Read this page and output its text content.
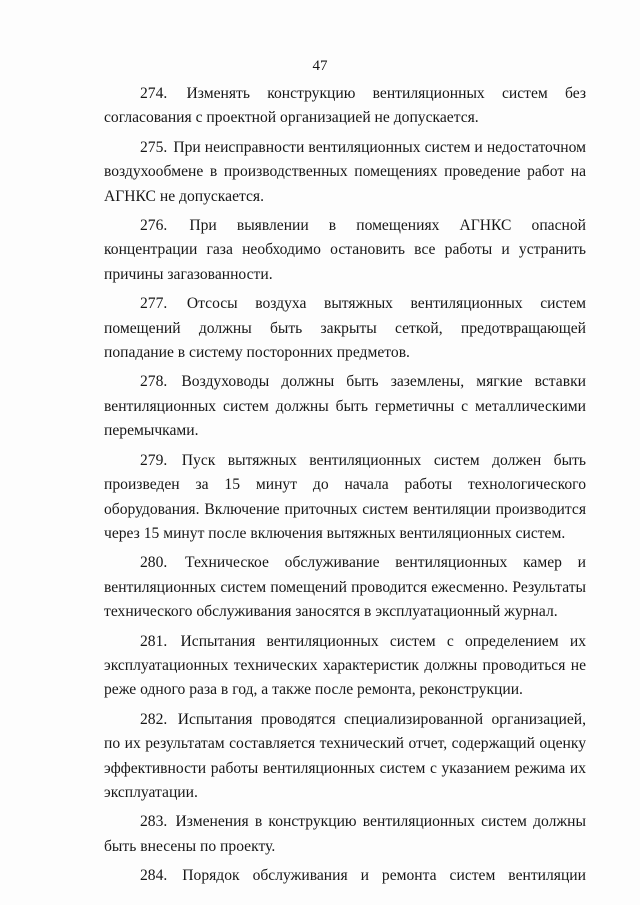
47

274. Изменять конструкцию вентиляционных систем без согласования с проектной организацией не допускается.

275. При неисправности вентиляционных систем и недостаточном воздухообмене в производственных помещениях проведение работ на АГНКС не допускается.

276. При выявлении в помещениях АГНКС опасной концентрации газа необходимо остановить все работы и устранить причины загазованности.

277. Отсосы воздуха вытяжных вентиляционных систем помещений должны быть закрыты сеткой, предотвращающей попадание в систему посторонних предметов.

278. Воздуховоды должны быть заземлены, мягкие вставки вентиляционных систем должны быть герметичны с металлическими перемычками.

279. Пуск вытяжных вентиляционных систем должен быть произведен за 15 минут до начала работы технологического оборудования. Включение приточных систем вентиляции производится через 15 минут после включения вытяжных вентиляционных систем.

280. Техническое обслуживание вентиляционных камер и вентиляционных систем помещений проводится ежесменно. Результаты технического обслуживания заносятся в эксплуатационный журнал.

281. Испытания вентиляционных систем с определением их эксплуатационных технических характеристик должны проводиться не реже одного раза в год, а также после ремонта, реконструкции.

282. Испытания проводятся специализированной организацией, по их результатам составляется технический отчет, содержащий оценку эффективности работы вентиляционных систем с указанием режима их эксплуатации.

283. Изменения в конструкцию вентиляционных систем должны быть внесены по проекту.

284. Порядок обслуживания и ремонта систем вентиляции
